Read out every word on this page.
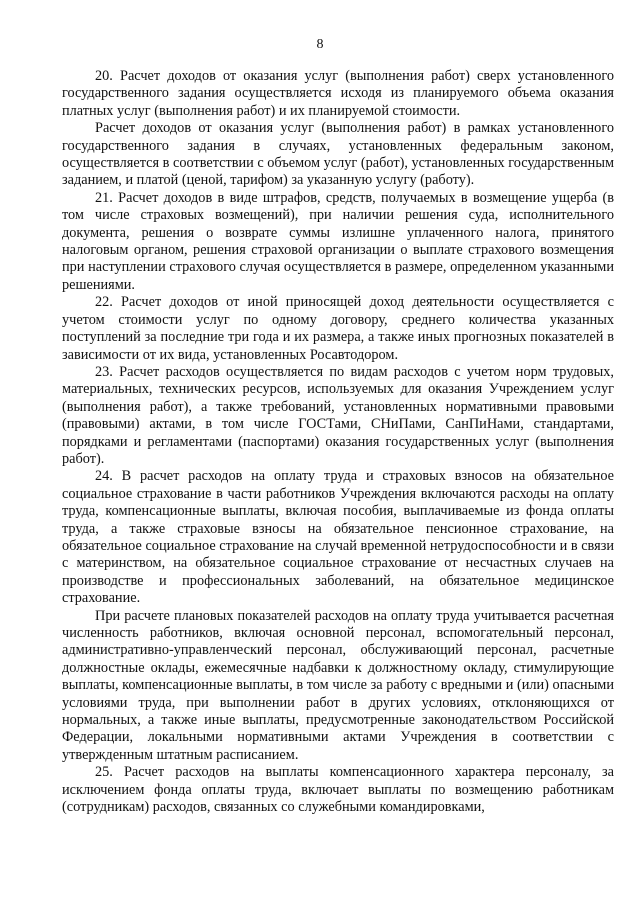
8

20. Расчет доходов от оказания услуг (выполнения работ) сверх установленного государственного задания осуществляется исходя из планируемого объема оказания платных услуг (выполнения работ) и их планируемой стоимости.

Расчет доходов от оказания услуг (выполнения работ) в рамках установленного государственного задания в случаях, установленных федеральным законом, осуществляется в соответствии с объемом услуг (работ), установленных государственным заданием, и платой (ценой, тарифом) за указанную услугу (работу).

21. Расчет доходов в виде штрафов, средств, получаемых в возмещение ущерба (в том числе страховых возмещений), при наличии решения суда, исполнительного документа, решения о возврате суммы излишне уплаченного налога, принятого налоговым органом, решения страховой организации о выплате страхового возмещения при наступлении страхового случая осуществляется в размере, определенном указанными решениями.

22. Расчет доходов от иной приносящей доход деятельности осуществляется с учетом стоимости услуг по одному договору, среднего количества указанных поступлений за последние три года и их размера, а также иных прогнозных показателей в зависимости от их вида, установленных Росавтодором.

23. Расчет расходов осуществляется по видам расходов с учетом норм трудовых, материальных, технических ресурсов, используемых для оказания Учреждением услуг (выполнения работ), а также требований, установленных нормативными правовыми (правовыми) актами, в том числе ГОСТами, СНиПами, СанПиНами, стандартами, порядками и регламентами (паспортами) оказания государственных услуг (выполнения работ).

24. В расчет расходов на оплату труда и страховых взносов на обязательное социальное страхование в части работников Учреждения включаются расходы на оплату труда, компенсационные выплаты, включая пособия, выплачиваемые из фонда оплаты труда, а также страховые взносы на обязательное пенсионное страхование, на обязательное социальное страхование на случай временной нетрудоспособности и в связи с материнством, на обязательное социальное страхование от несчастных случаев на производстве и профессиональных заболеваний, на обязательное медицинское страхование.

При расчете плановых показателей расходов на оплату труда учитывается расчетная численность работников, включая основной персонал, вспомогательный персонал, административно-управленческий персонал, обслуживающий персонал, расчетные должностные оклады, ежемесячные надбавки к должностному окладу, стимулирующие выплаты, компенсационные выплаты, в том числе за работу с вредными и (или) опасными условиями труда, при выполнении работ в других условиях, отклоняющихся от нормальных, а также иные выплаты, предусмотренные законодательством Российской Федерации, локальными нормативными актами Учреждения в соответствии с утвержденным штатным расписанием.

25. Расчет расходов на выплаты компенсационного характера персоналу, за исключением фонда оплаты труда, включает выплаты по возмещению работникам (сотрудникам) расходов, связанных со служебными командировками,
